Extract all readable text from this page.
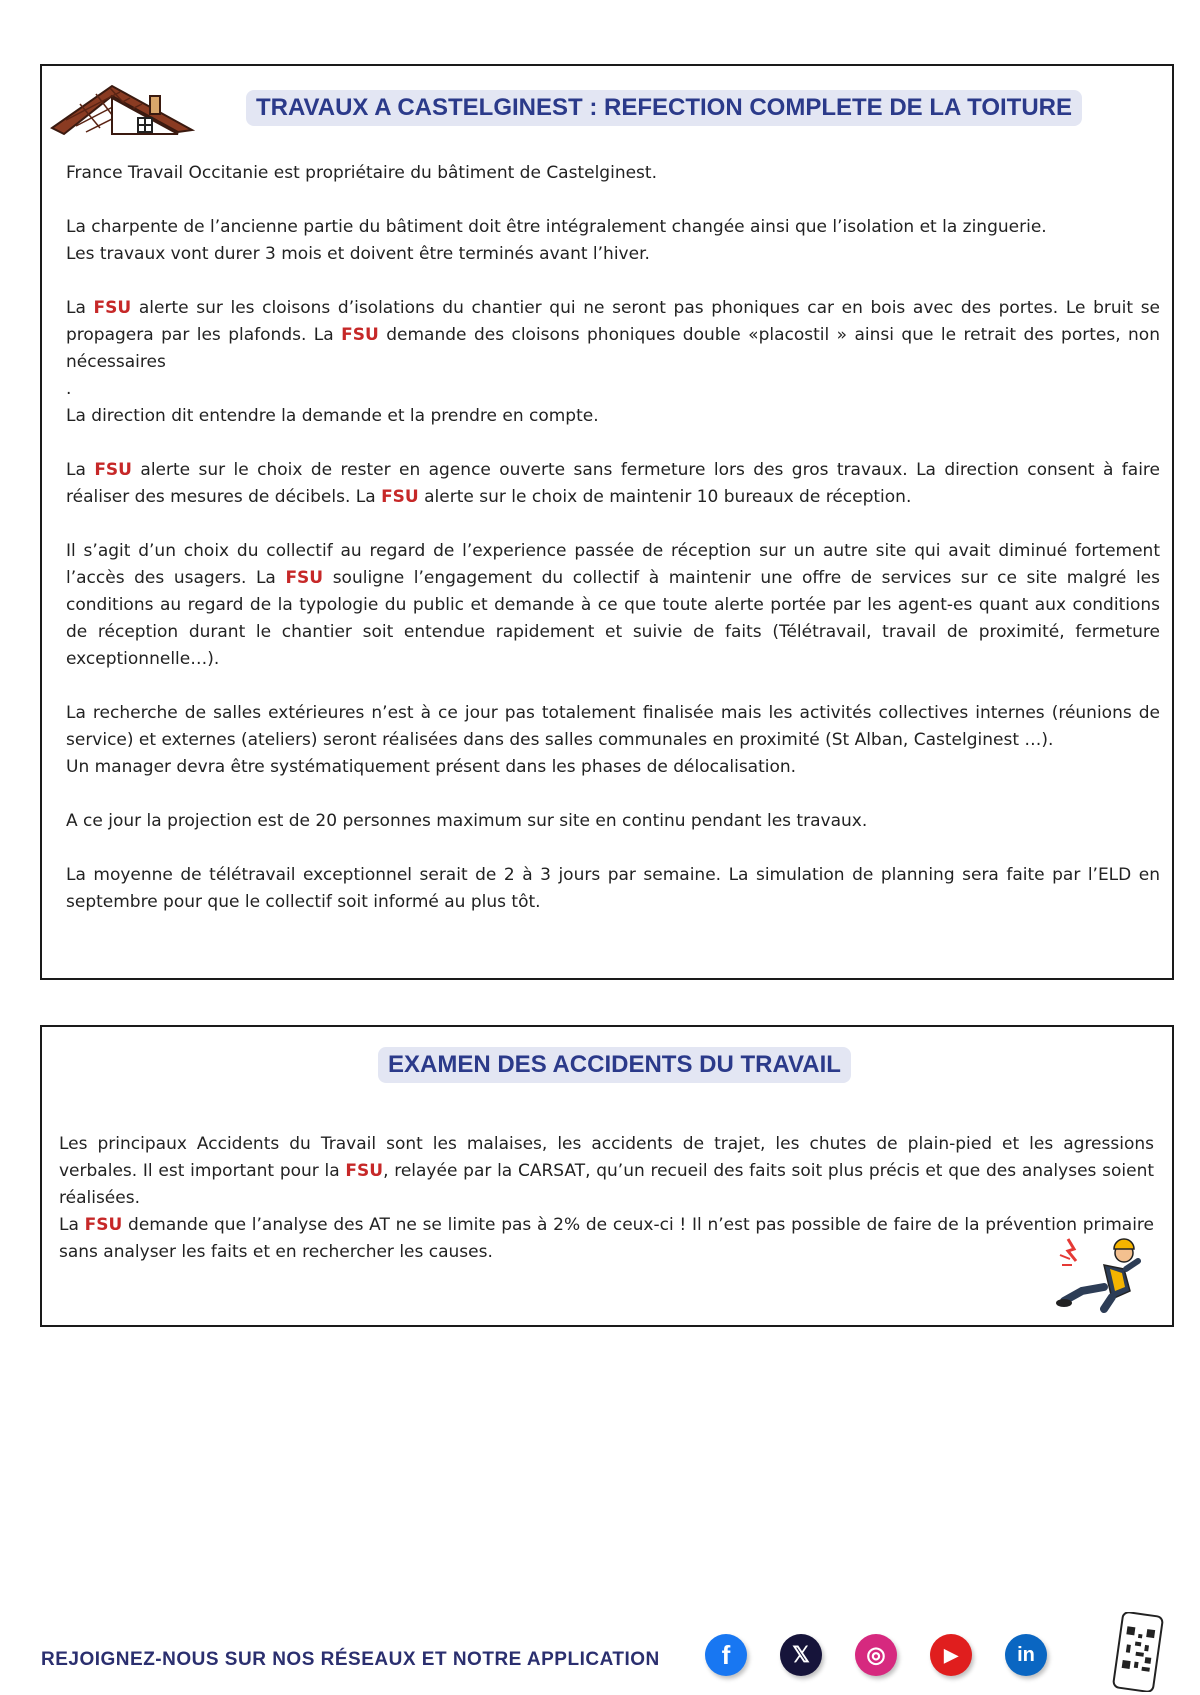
TRAVAUX A CASTELGINEST : REFECTION COMPLETE DE LA TOITURE

France Travail Occitanie est propriétaire du bâtiment de Castelginest.

La charpente de l’ancienne partie du bâtiment doit être intégralement changée ainsi que l’isolation et la zinguerie.

Les travaux vont durer 3 mois et doivent être terminés avant l’hiver.

La FSU alerte sur les cloisons d’isolations du chantier qui ne seront pas phoniques car en bois avec des portes. Le bruit se propagera par les plafonds. La FSU demande des cloisons phoniques double «placostil » ainsi que le retrait des portes, non nécessaires

.

La direction dit entendre la demande et la prendre en compte.

La FSU alerte sur le choix de rester en agence ouverte sans fermeture lors des gros travaux. La direction consent à faire réaliser des mesures de décibels. La FSU alerte sur le choix de maintenir 10 bureaux de réception.

Il s’agit d’un choix du collectif au regard de l’experience passée de réception sur un autre site qui avait diminué fortement l’accès des usagers. La FSU souligne l’engagement du collectif à maintenir une offre de services sur ce site malgré les conditions au regard de la typologie du public et demande à ce que toute alerte portée par les agent-es quant aux conditions de réception durant le chantier soit entendue rapidement et suivie de faits (Télétravail, travail de proximité, fermeture exceptionnelle…).

La recherche de salles extérieures n’est à ce jour pas totalement finalisée mais les activités collectives internes (réunions de service) et externes (ateliers) seront réalisées dans des salles communales en proximité (St Alban, Castelginest …).

Un manager devra être systématiquement présent dans les phases de délocalisation.

A ce jour la projection est de 20 personnes maximum sur site en continu pendant les travaux.

La moyenne de télétravail exceptionnel serait de 2 à 3 jours par semaine. La simulation de planning sera faite par l’ELD en septembre pour que le collectif soit informé au plus tôt.

EXAMEN DES ACCIDENTS DU TRAVAIL

Les principaux Accidents du Travail sont les malaises, les accidents de trajet, les chutes de plain-pied et les agressions verbales. Il est important pour la FSU, relayée par la CARSAT, qu’un recueil des faits soit plus précis et que des analyses soient réalisées.

La FSU demande que l’analyse des AT ne se limite pas à 2% de ceux-ci ! Il n’est pas possible de faire de la prévention primaire sans analyser les faits et en rechercher les causes.

REJOIGNEZ-NOUS SUR NOS RÉSEAUX ET NOTRE APPLICATION	f	𝕏	◎	▶	in
